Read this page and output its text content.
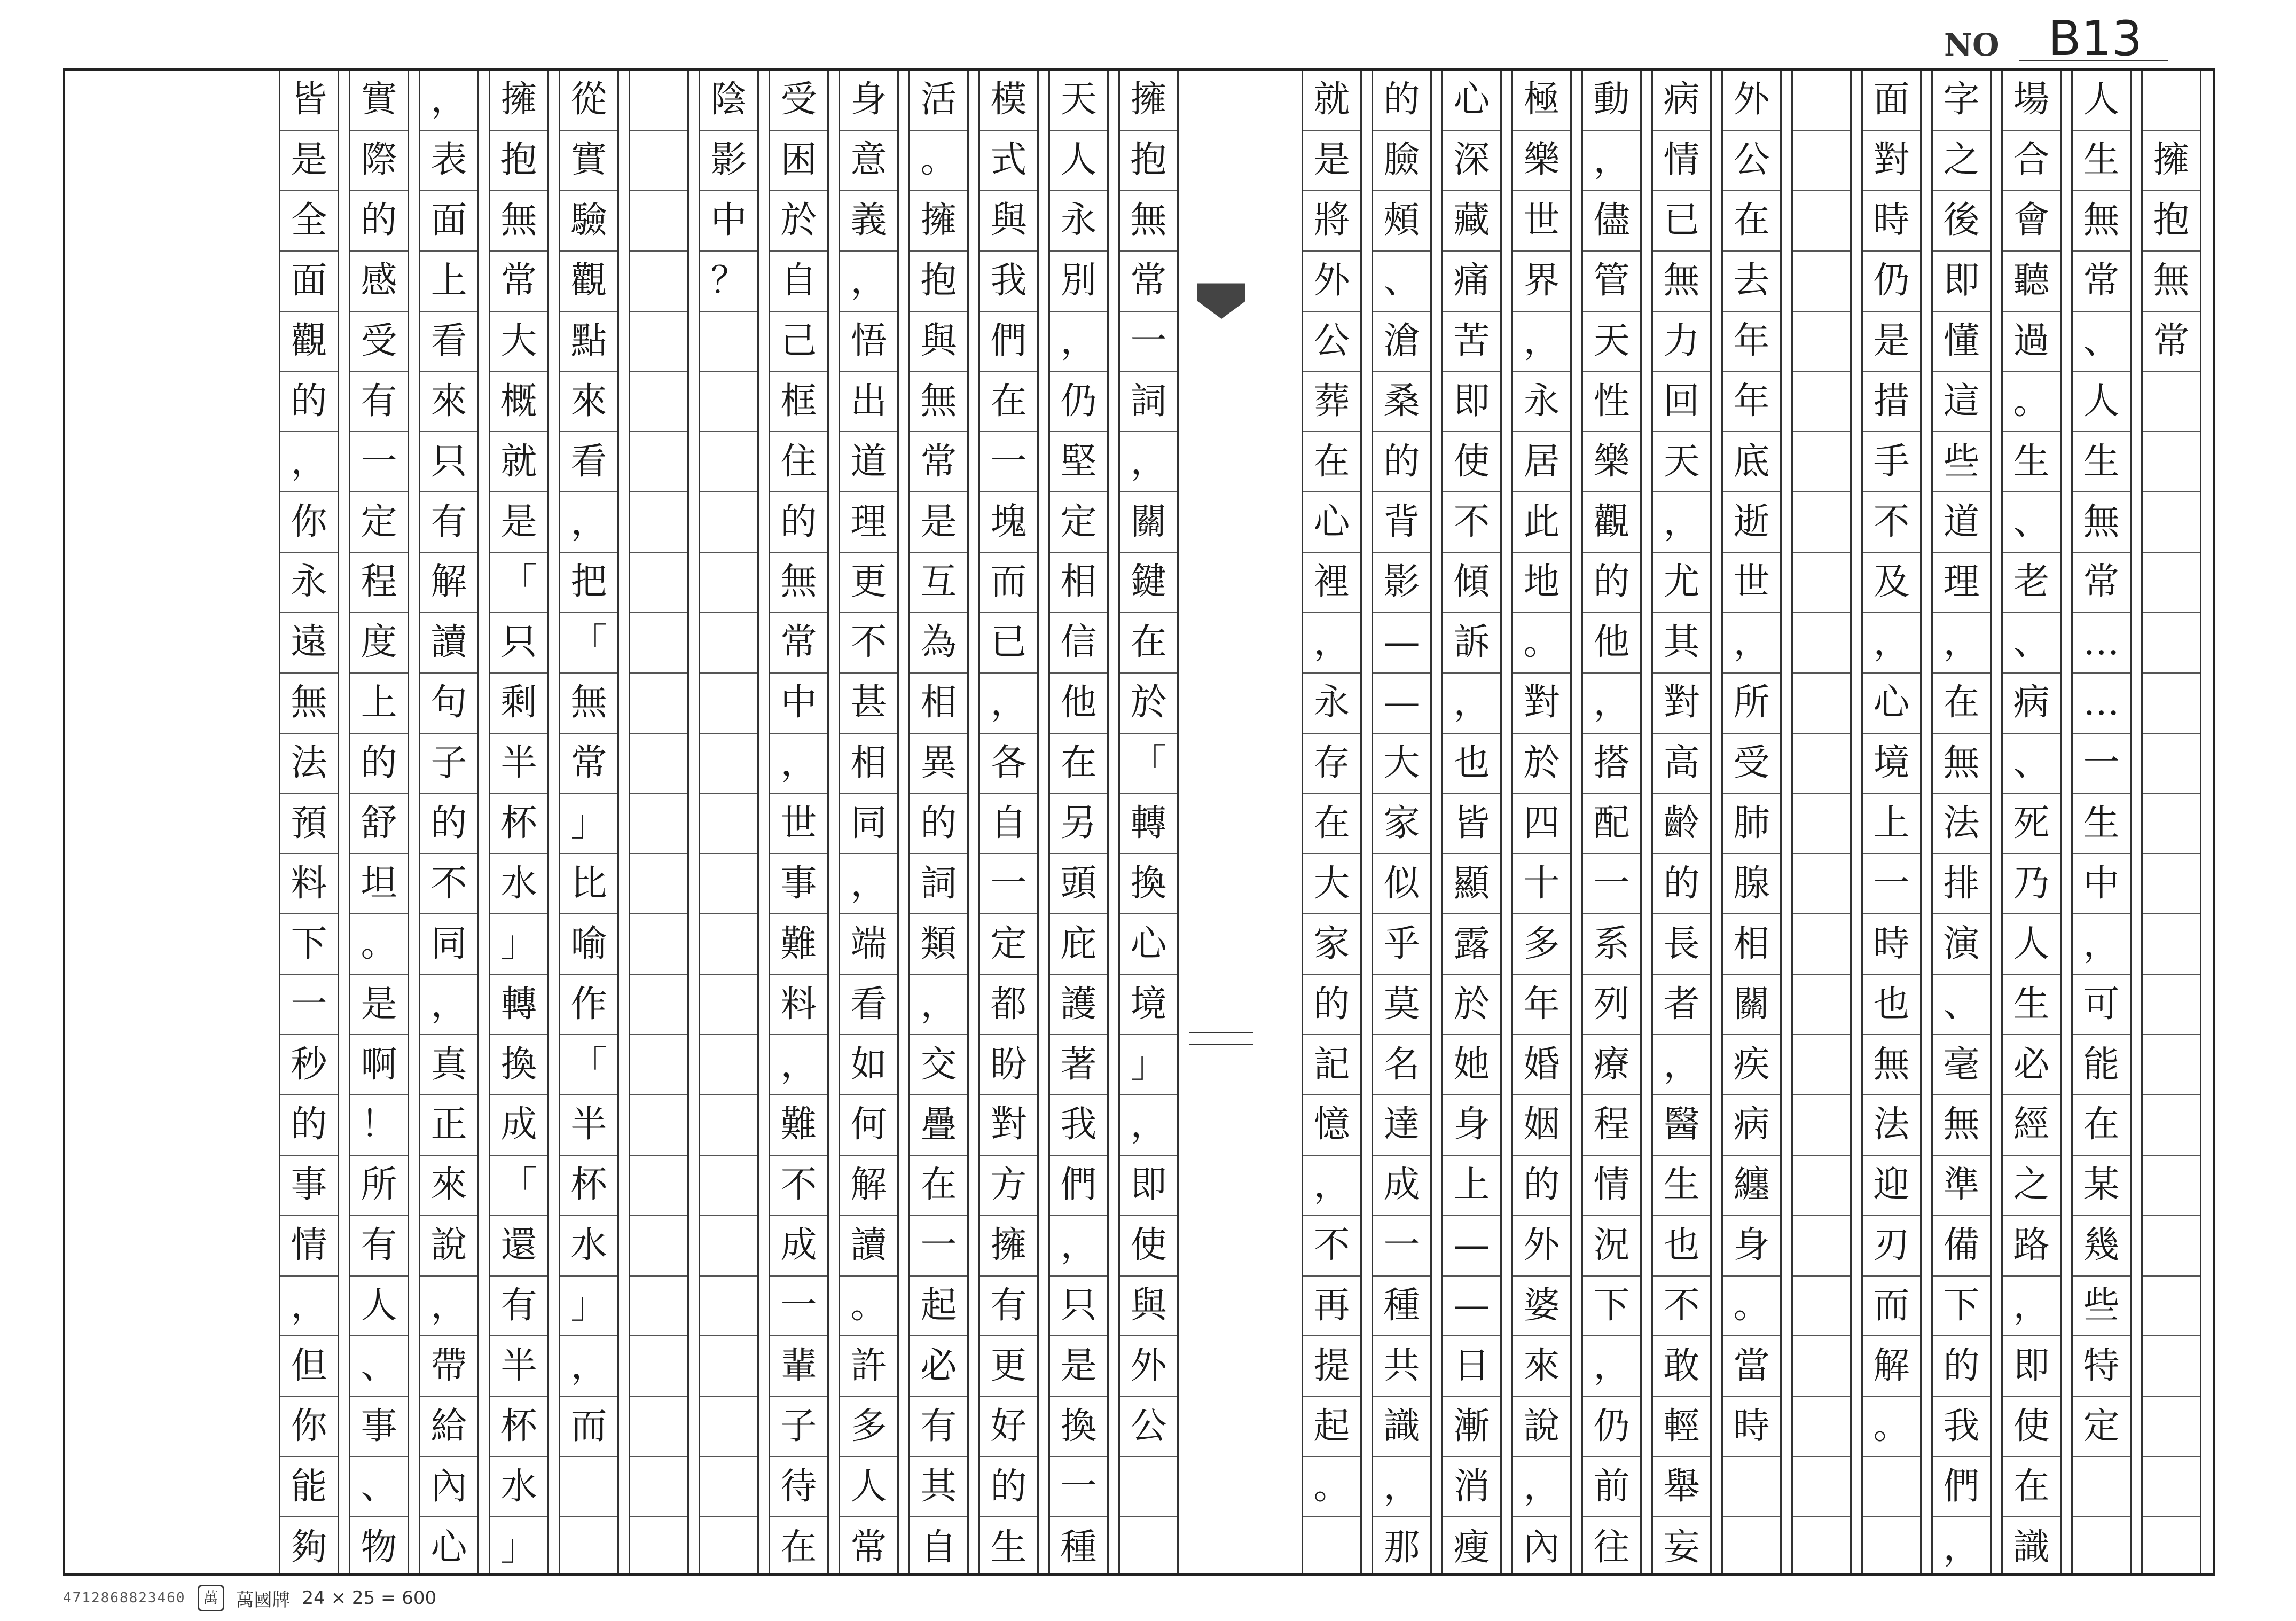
NO B13
擁
抱
無
常
人
生
無
常
、
人
生
無
常
…
…
一
生
中
，
可
能
在
某
幾
些
特
定
場
合
會
聽
過
。
生
、
老
、
病
、
死
乃
人
生
必
經
之
路
，
即
使
在
識
字
之
後
即
懂
這
些
道
理
，
在
無
法
排
演
、
毫
無
準
備
下
的
我
們
，
面
對
時
仍
是
措
手
不
及
，
心
境
上
一
時
也
無
法
迎
刃
而
解
。
外
公
在
去
年
年
底
逝
世
，
所
受
肺
腺
相
關
疾
病
纏
身
。
當
時
病
情
已
無
力
回
天
，
尤
其
對
高
齡
的
長
者
，
醫
生
也
不
敢
輕
舉
妄
動
，
儘
管
天
性
樂
觀
的
他
，
搭
配
一
系
列
療
程
情
況
下
，
仍
前
往
極
樂
世
界
，
永
居
此
地
。
對
於
四
十
多
年
婚
姻
的
外
婆
來
說
，
內
心
深
藏
痛
苦
即
使
不
傾
訴
，
也
皆
顯
露
於
她
身
上
—
—
日
漸
消
瘦
的
臉
頰
、
滄
桑
的
背
影
—
—
大
家
似
乎
莫
名
達
成
一
種
共
識
，
那
就
是
將
外
公
葬
在
心
裡
，
永
存
在
大
家
的
記
憶
，
不
再
提
起
。
擁
抱
無
常
一
詞
，
關
鍵
在
於
「
轉
換
心
境
」
，
即
使
與
外
公
天
人
永
別
，
仍
堅
定
相
信
他
在
另
頭
庇
護
著
我
們
，
只
是
換
一
種
模
式
與
我
們
在
一
塊
而
已
，
各
自
一
定
都
盼
對
方
擁
有
更
好
的
生
活
。
擁
抱
與
無
常
是
互
為
相
異
的
詞
類
，
交
疊
在
一
起
必
有
其
自
身
意
義
，
悟
出
道
理
更
不
甚
相
同
，
端
看
如
何
解
讀
。
許
多
人
常
受
困
於
自
己
框
住
的
無
常
中
，
世
事
難
料
，
難
不
成
一
輩
子
待
在
陰
影
中
？
從
實
驗
觀
點
來
看
，
把
「
無
常
」
比
喻
作
「
半
杯
水
」
，
而
擁
抱
無
常
大
概
就
是
「
只
剩
半
杯
水
」
轉
換
成
「
還
有
半
杯
水
」
，
表
面
上
看
來
只
有
解
讀
句
子
的
不
同
，
真
正
來
說
，
帶
給
內
心
實
際
的
感
受
有
一
定
程
度
上
的
舒
坦
。
是
啊
！
所
有
人
、
事
、
物
皆
是
全
面
觀
的
，
你
永
遠
無
法
預
料
下
一
秒
的
事
情
，
但
你
能
夠
4712868823460	萬 萬國牌 24 × 25 = 600
